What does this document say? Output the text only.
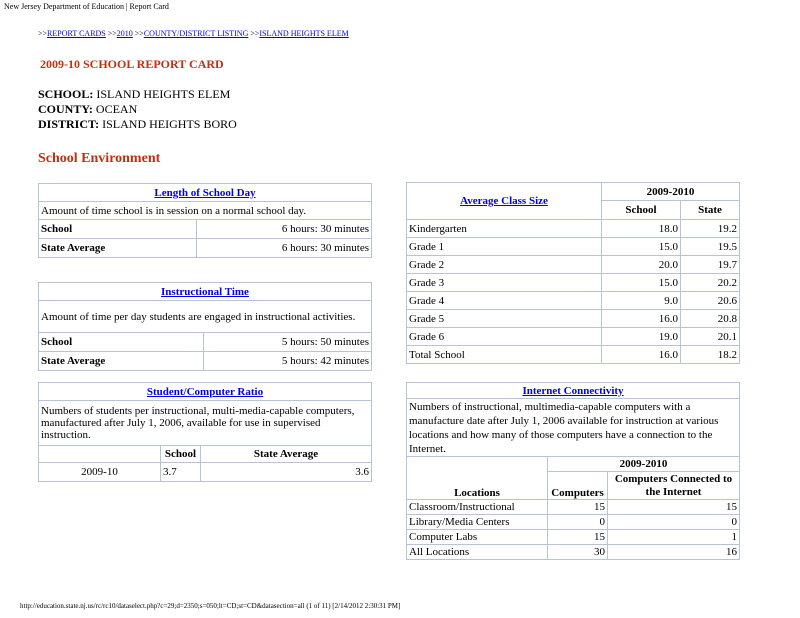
New Jersey Department of Education | Report Card
>>REPORT CARDS >>2010 >>COUNTY/DISTRICT LISTING >>ISLAND HEIGHTS ELEM
2009-10 SCHOOL REPORT CARD
SCHOOL: ISLAND HEIGHTS ELEM
COUNTY: OCEAN
DISTRICT: ISLAND HEIGHTS BORO
School Environment
Length of School Day	
Amount of time school is in session on a normal school day.	
School	6 hours: 30 minutes
State Average	6 hours: 30 minutes
Instructional Time	
Amount of time per day students are engaged in instructional activities.	
School	5 hours: 50 minutes
State Average	5 hours: 42 minutes
Student/Computer Ratio		
Numbers of students per instructional, multi-media-capable computers, manufactured after July 1, 2006, available for use in supervised instruction.		
	School	State Average
2009-10	3.7	3.6
Average Class Size	2009-2010	
	School	State
Kindergarten	18.0	19.2
Grade 1	15.0	19.5
Grade 2	20.0	19.7
Grade 3	15.0	20.2
Grade 4	9.0	20.6
Grade 5	16.0	20.8
Grade 6	19.0	20.1
Total School	16.0	18.2
Internet Connectivity		
Numbers of instructional, multimedia-capable computers with a manufacture date after July 1, 2006 available for instruction at various locations and how many of those computers have a connection to the Internet.		
	2009-2010	
Locations	Computers	Computers Connected to the Internet
Classroom/Instructional	15	15
Library/Media Centers	0	0
Computer Labs	15	1
All Locations	30	16
http://education.state.nj.us/rc/rc10/dataselect.php?c=29;d=2350;s=050;lt=CD;st=CD&datasection=all (1 of 11) [2/14/2012 2:30:31 PM]
